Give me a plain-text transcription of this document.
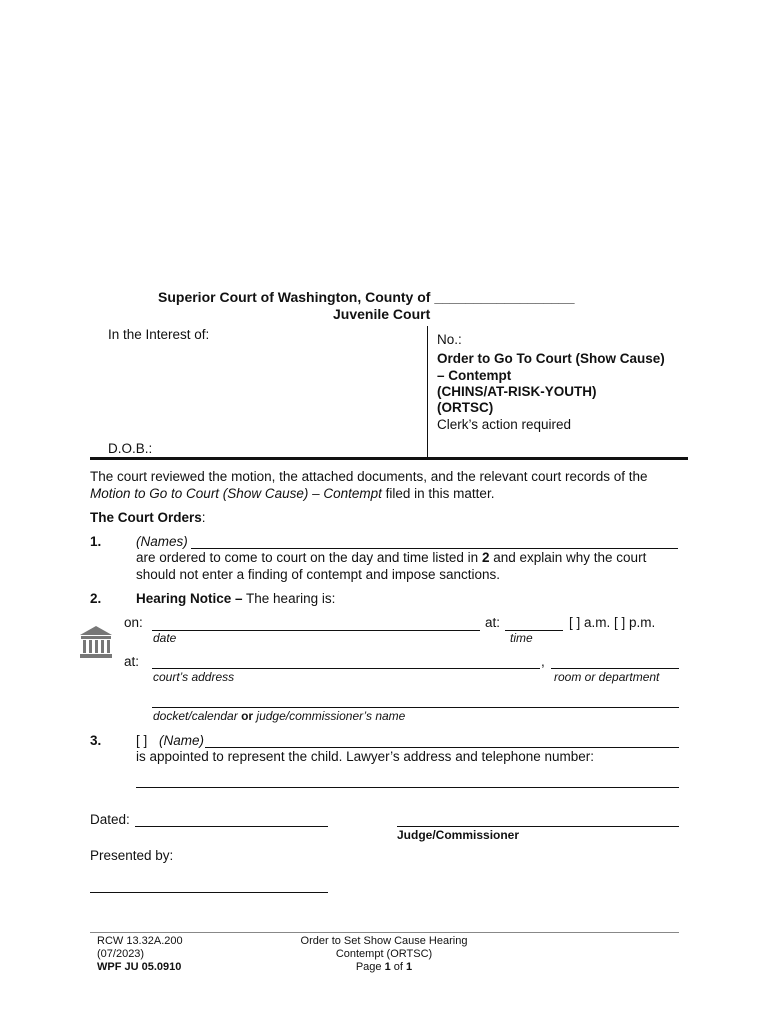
Superior Court of Washington, County of __________________
Juvenile Court
In the Interest of:	No.:
Order to Go To Court (Show Cause)
– Contempt
(CHINS/AT-RISK-YOUTH)
(ORTSC)
Clerk’s action required
D.O.B.:
The court reviewed the motion, the attached documents, and the relevant court records of the
Motion to Go to Court (Show Cause) – Contempt filed in this matter.
The Court Orders:
1.	(Names)
are ordered to come to court on the day and time listed in 2 and explain why the court
should not enter a finding of contempt and impose sanctions.
2.	Hearing Notice – The hearing is:
on:	at:	[ ] a.m. [ ] p.m.
date	time
at:	,
court’s address	room or department
docket/calendar or judge/commissioner’s name
3.	[ ] (Name)
is appointed to represent the child. Lawyer’s address and telephone number:
Dated:
Judge/Commissioner
Presented by:
RCW 13.32A.200
(07/2023)
WPF JU 05.0910
Order to Set Show Cause Hearing
Contempt (ORTSC)
Page 1 of 1
